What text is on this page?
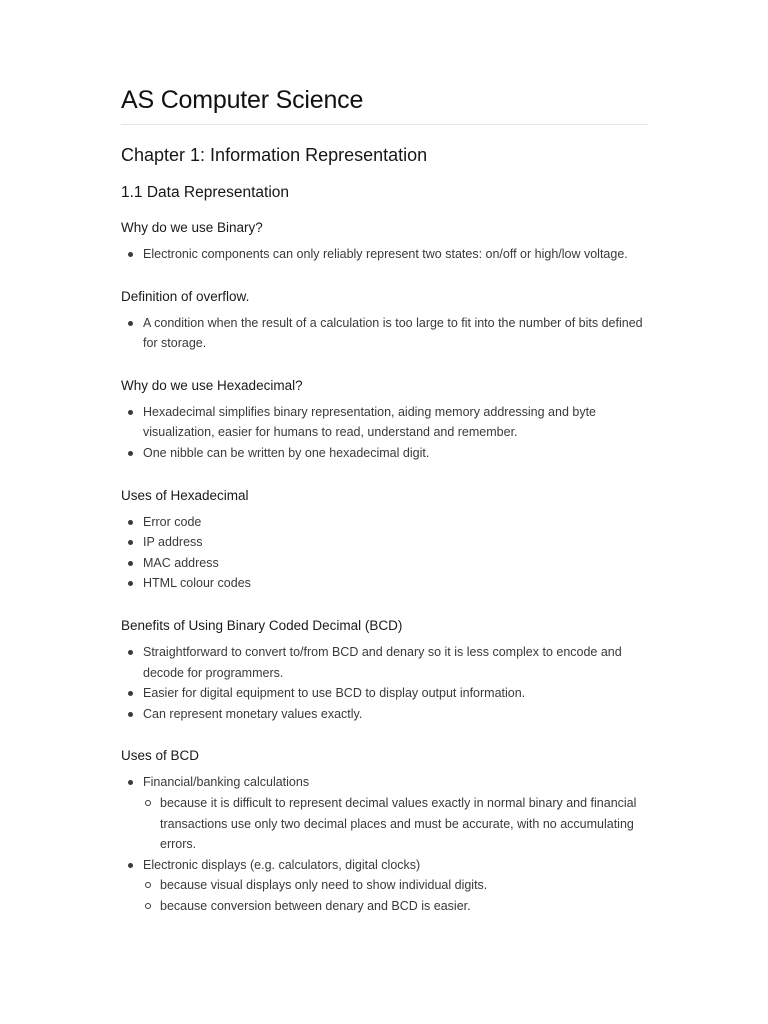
AS Computer Science
Chapter 1: Information Representation
1.1 Data Representation
Why do we use Binary?
Electronic components can only reliably represent two states: on/off or high/low voltage.
Definition of overflow.
A condition when the result of a calculation is too large to fit into the number of bits defined for storage.
Why do we use Hexadecimal?
Hexadecimal simplifies binary representation, aiding memory addressing and byte visualization, easier for humans to read, understand and remember.
One nibble can be written by one hexadecimal digit.
Uses of Hexadecimal
Error code
IP address
MAC address
HTML colour codes
Benefits of Using Binary Coded Decimal (BCD)
Straightforward to convert to/from BCD and denary so it is less complex to encode and decode for programmers.
Easier for digital equipment to use BCD to display output information.
Can represent monetary values exactly.
Uses of BCD
Financial/banking calculations
because it is difficult to represent decimal values exactly in normal binary and financial transactions use only two decimal places and must be accurate, with no accumulating errors.
Electronic displays (e.g. calculators, digital clocks)
because visual displays only need to show individual digits.
because conversion between denary and BCD is easier.
